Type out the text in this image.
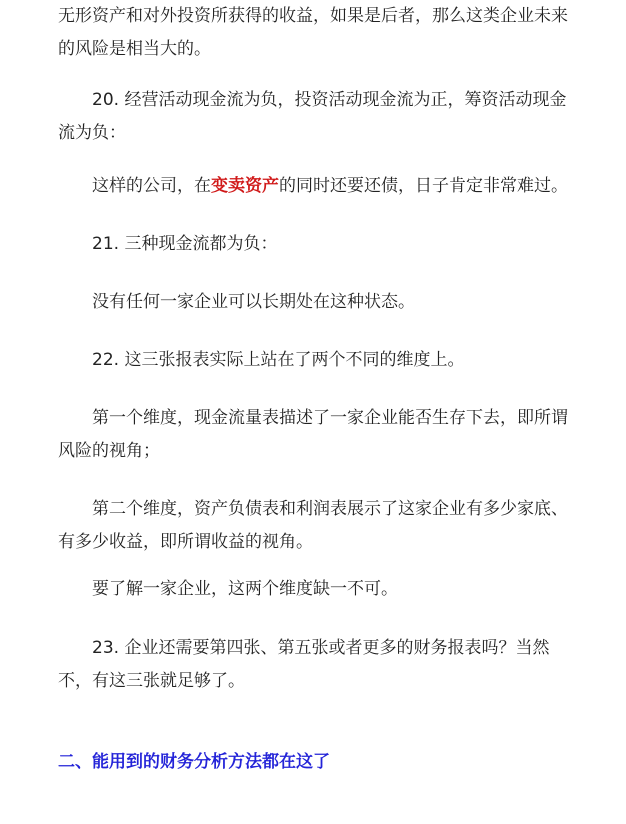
无形资产和对外投资所获得的收益，如果是后者，那么这类企业未来的风险是相当大的。

20. 经营活动现金流为负，投资活动现金流为正，筹资活动现金流为负：

这样的公司，在变卖资产的同时还要还债，日子肯定非常难过。

21. 三种现金流都为负：

没有任何一家企业可以长期处在这种状态。

22. 这三张报表实际上站在了两个不同的维度上。

第一个维度，现金流量表描述了一家企业能否生存下去，即所谓风险的视角；

第二个维度，资产负债表和利润表展示了这家企业有多少家底、有多少收益，即所谓收益的视角。

要了解一家企业，这两个维度缺一不可。

23. 企业还需要第四张、第五张或者更多的财务报表吗？当然不，有这三张就足够了。

二、能用到的财务分析方法都在这了
